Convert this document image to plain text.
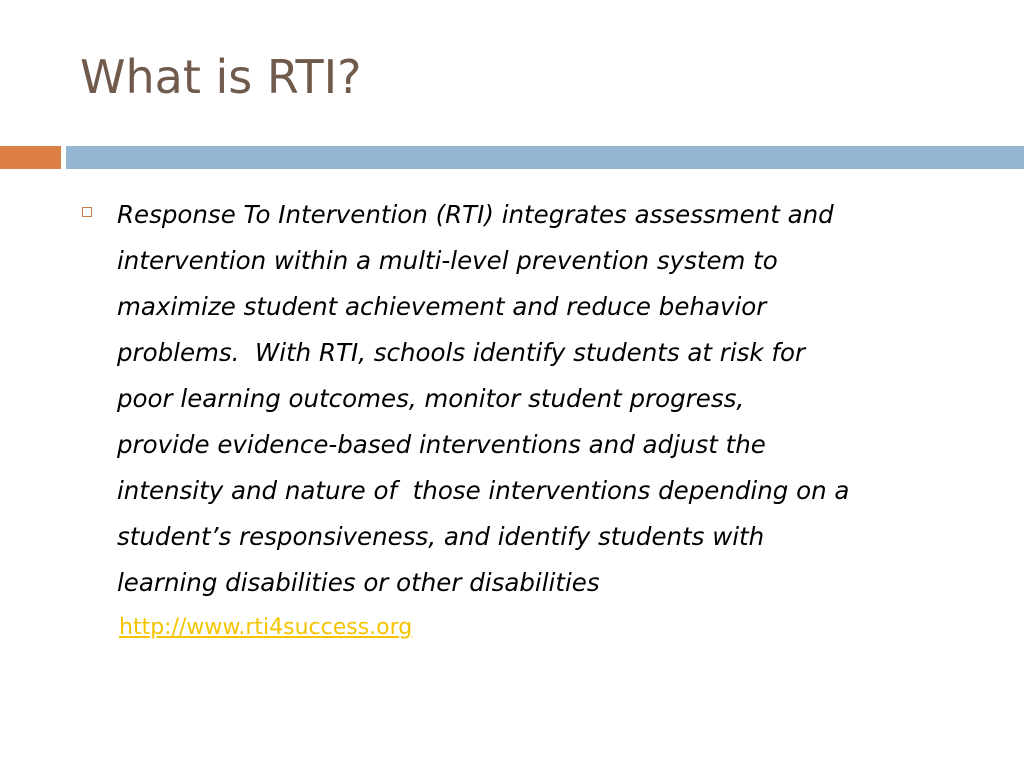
What is RTI?

Response To Intervention (RTI) integrates assessment and
intervention within a multi-level prevention system to
maximize student achievement and reduce behavior
problems.  With RTI, schools identify students at risk for
poor learning outcomes, monitor student progress,
provide evidence-based interventions and adjust the
intensity and nature of  those interventions depending on a
student’s responsiveness, and identify students with
learning disabilities or other disabilities

http://www.rti4success.org
